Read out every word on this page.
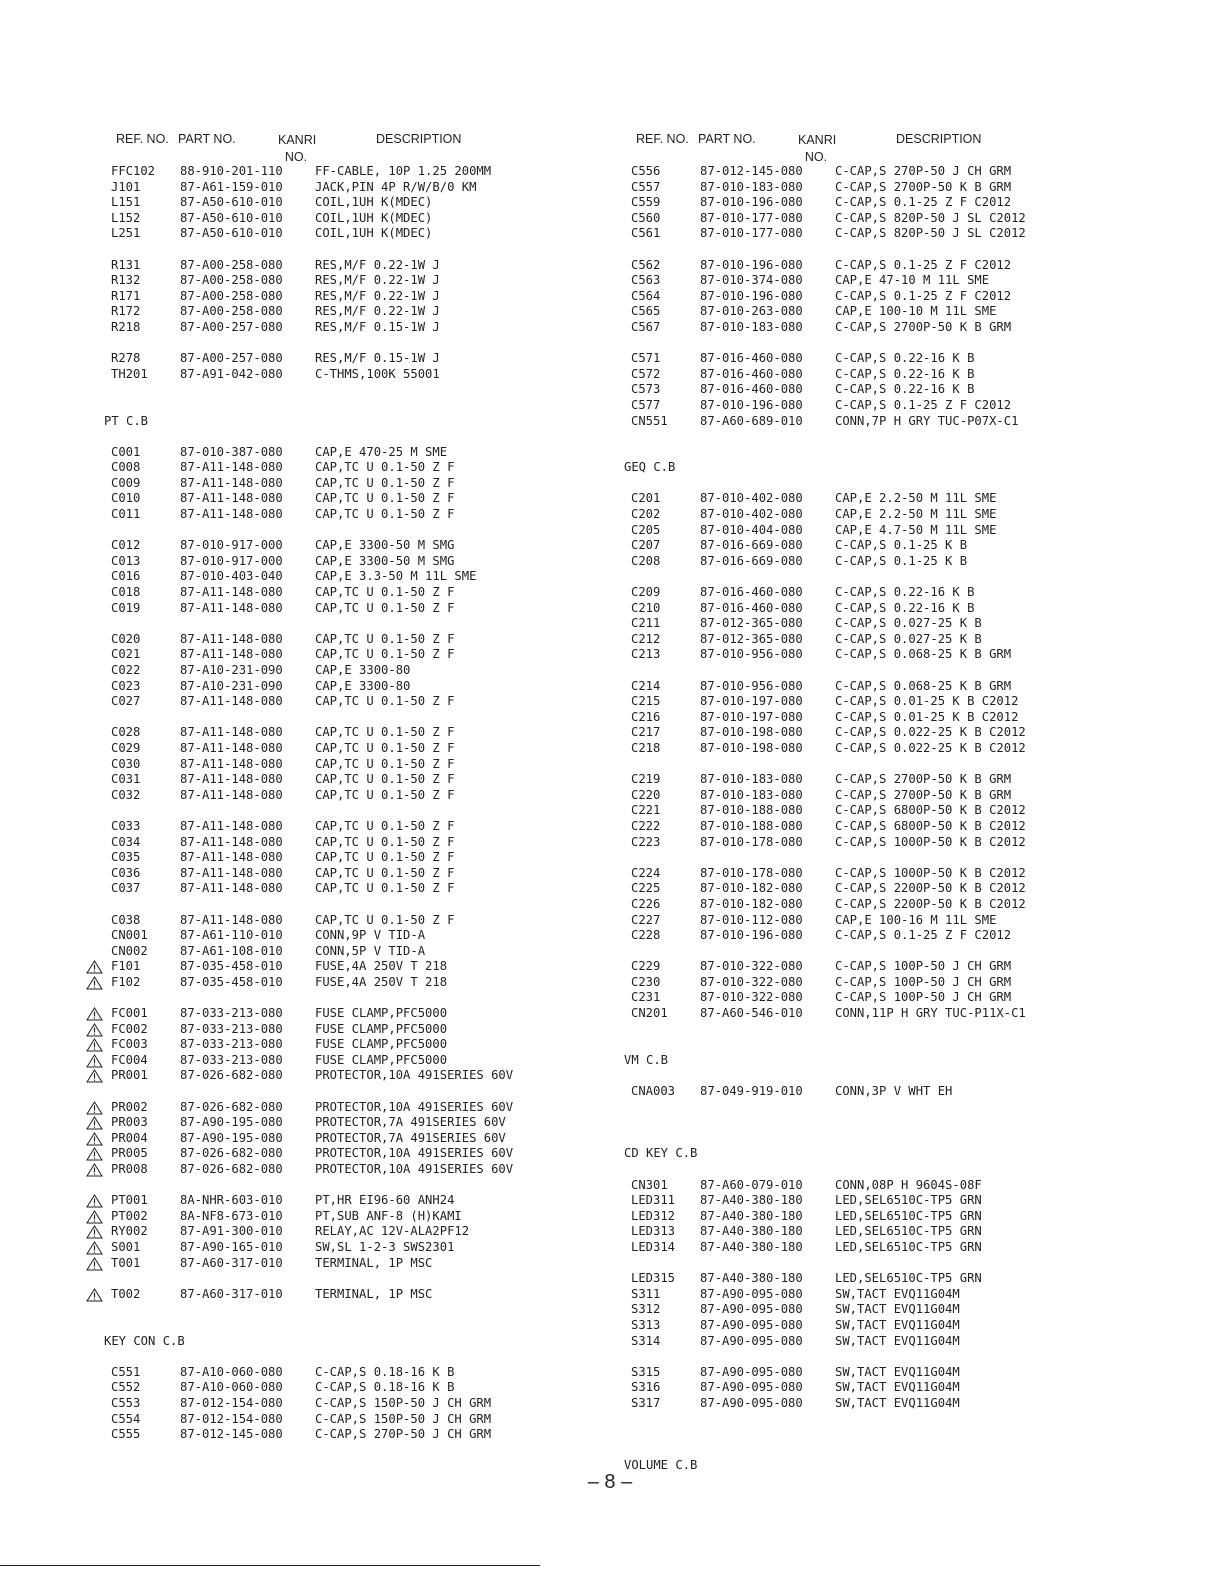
REF. NO. PART NO.	KANRI
NO.
DESCRIPTION
FFC102 88-910-201-110	FF-CABLE, 10P 1.25 200MM
J101	87-A61-159-010	JACK,PIN 4P R/W/B/0 KM
L151	87-A50-610-010	COIL,1UH K(MDEC)
L152	87-A50-610-010	COIL,1UH K(MDEC)
L251	87-A50-610-010	COIL,1UH K(MDEC)
R131	87-A00-258-080	RES,M/F 0.22-1W J
R132	87-A00-258-080	RES,M/F 0.22-1W J
R171	87-A00-258-080	RES,M/F 0.22-1W J
R172	87-A00-258-080	RES,M/F 0.22-1W J
R218	87-A00-257-080	RES,M/F 0.15-1W J
R278	87-A00-257-080	RES,M/F 0.15-1W J
TH201	87-A91-042-080	C-THMS,100K 55001
PT C.B
C001	87-010-387-080	CAP,E 470-25 M SME
C008	87-A11-148-080	CAP,TC U 0.1-50 Z F
C009	87-A11-148-080	CAP,TC U 0.1-50 Z F
C010	87-A11-148-080	CAP,TC U 0.1-50 Z F
C011	87-A11-148-080	CAP,TC U 0.1-50 Z F
C012	87-010-917-000	CAP,E 3300-50 M SMG
C013	87-010-917-000	CAP,E 3300-50 M SMG
C016	87-010-403-040	CAP,E 3.3-50 M 11L SME
C018	87-A11-148-080	CAP,TC U 0.1-50 Z F
C019	87-A11-148-080	CAP,TC U 0.1-50 Z F
C020	87-A11-148-080	CAP,TC U 0.1-50 Z F
C021	87-A11-148-080	CAP,TC U 0.1-50 Z F
C022	87-A10-231-090	CAP,E 3300-80
C023	87-A10-231-090	CAP,E 3300-80
C027	87-A11-148-080	CAP,TC U 0.1-50 Z F
C028	87-A11-148-080	CAP,TC U 0.1-50 Z F
C029	87-A11-148-080	CAP,TC U 0.1-50 Z F
C030	87-A11-148-080	CAP,TC U 0.1-50 Z F
C031	87-A11-148-080	CAP,TC U 0.1-50 Z F
C032	87-A11-148-080	CAP,TC U 0.1-50 Z F
C033	87-A11-148-080	CAP,TC U 0.1-50 Z F
C034	87-A11-148-080	CAP,TC U 0.1-50 Z F
C035	87-A11-148-080	CAP,TC U 0.1-50 Z F
C036	87-A11-148-080	CAP,TC U 0.1-50 Z F
C037	87-A11-148-080	CAP,TC U 0.1-50 Z F
C038	87-A11-148-080	CAP,TC U 0.1-50 Z F
CN001	87-A61-110-010	CONN,9P V TID-A
CN002	87-A61-108-010	CONN,5P V TID-A
F101	87-035-458-010	FUSE,4A 250V T 218
F102	87-035-458-010	FUSE,4A 250V T 218
FC001	87-033-213-080	FUSE CLAMP,PFC5000
FC002	87-033-213-080	FUSE CLAMP,PFC5000
FC003	87-033-213-080	FUSE CLAMP,PFC5000
FC004	87-033-213-080	FUSE CLAMP,PFC5000
PR001	87-026-682-080	PROTECTOR,10A 491SERIES 60V
PR002	87-026-682-080	PROTECTOR,10A 491SERIES 60V
PR003	87-A90-195-080	PROTECTOR,7A 491SERIES 60V
PR004	87-A90-195-080	PROTECTOR,7A 491SERIES 60V
PR005	87-026-682-080	PROTECTOR,10A 491SERIES 60V
PR008	87-026-682-080	PROTECTOR,10A 491SERIES 60V
PT001	8A-NHR-603-010	PT,HR EI96-60 ANH24
PT002	8A-NF8-673-010	PT,SUB ANF-8 (H)KAMI
RY002	87-A91-300-010	RELAY,AC 12V-ALA2PF12
S001	87-A90-165-010	SW,SL 1-2-3 SWS2301
T001	87-A60-317-010	TERMINAL, 1P MSC
T002	87-A60-317-010	TERMINAL, 1P MSC
KEY CON C.B
C551	87-A10-060-080	C-CAP,S 0.18-16 K B
C552	87-A10-060-080	C-CAP,S 0.18-16 K B
C553	87-012-154-080	C-CAP,S 150P-50 J CH GRM
C554	87-012-154-080	C-CAP,S 150P-50 J CH GRM
C555	87-012-145-080	C-CAP,S 270P-50 J CH GRM
REF. NO. PART NO.	KANRI
NO.
DESCRIPTION
C556	87-012-145-080	C-CAP,S 270P-50 J CH GRM
C557	87-010-183-080	C-CAP,S 2700P-50 K B GRM
C559	87-010-196-080	C-CAP,S 0.1-25 Z F C2012
C560	87-010-177-080	C-CAP,S 820P-50 J SL C2012
C561	87-010-177-080	C-CAP,S 820P-50 J SL C2012
C562	87-010-196-080	C-CAP,S 0.1-25 Z F C2012
C563	87-010-374-080	CAP,E 47-10 M 11L SME
C564	87-010-196-080	C-CAP,S 0.1-25 Z F C2012
C565	87-010-263-080	CAP,E 100-10 M 11L SME
C567	87-010-183-080	C-CAP,S 2700P-50 K B GRM
C571	87-016-460-080	C-CAP,S 0.22-16 K B
C572	87-016-460-080	C-CAP,S 0.22-16 K B
C573	87-016-460-080	C-CAP,S 0.22-16 K B
C577	87-010-196-080	C-CAP,S 0.1-25 Z F C2012
CN551	87-A60-689-010	CONN,7P H GRY TUC-P07X-C1
GEQ C.B
C201	87-010-402-080	CAP,E 2.2-50 M 11L SME
C202	87-010-402-080	CAP,E 2.2-50 M 11L SME
C205	87-010-404-080	CAP,E 4.7-50 M 11L SME
C207	87-016-669-080	C-CAP,S 0.1-25 K B
C208	87-016-669-080	C-CAP,S 0.1-25 K B
C209	87-016-460-080	C-CAP,S 0.22-16 K B
C210	87-016-460-080	C-CAP,S 0.22-16 K B
C211	87-012-365-080	C-CAP,S 0.027-25 K B
C212	87-012-365-080	C-CAP,S 0.027-25 K B
C213	87-010-956-080	C-CAP,S 0.068-25 K B GRM
C214	87-010-956-080	C-CAP,S 0.068-25 K B GRM
C215	87-010-197-080	C-CAP,S 0.01-25 K B C2012
C216	87-010-197-080	C-CAP,S 0.01-25 K B C2012
C217	87-010-198-080	C-CAP,S 0.022-25 K B C2012
C218	87-010-198-080	C-CAP,S 0.022-25 K B C2012
C219	87-010-183-080	C-CAP,S 2700P-50 K B GRM
C220	87-010-183-080	C-CAP,S 2700P-50 K B GRM
C221	87-010-188-080	C-CAP,S 6800P-50 K B C2012
C222	87-010-188-080	C-CAP,S 6800P-50 K B C2012
C223	87-010-178-080	C-CAP,S 1000P-50 K B C2012
C224	87-010-178-080	C-CAP,S 1000P-50 K B C2012
C225	87-010-182-080	C-CAP,S 2200P-50 K B C2012
C226	87-010-182-080	C-CAP,S 2200P-50 K B C2012
C227	87-010-112-080	CAP,E 100-16 M 11L SME
C228	87-010-196-080	C-CAP,S 0.1-25 Z F C2012
C229	87-010-322-080	C-CAP,S 100P-50 J CH GRM
C230	87-010-322-080	C-CAP,S 100P-50 J CH GRM
C231	87-010-322-080	C-CAP,S 100P-50 J CH GRM
CN201	87-A60-546-010	CONN,11P H GRY TUC-P11X-C1
VM C.B
CNA003 87-049-919-010	CONN,3P V WHT EH
CD KEY C.B
CN301	87-A60-079-010	CONN,08P H 9604S-08F
LED311 87-A40-380-180	LED,SEL6510C-TP5 GRN
LED312 87-A40-380-180	LED,SEL6510C-TP5 GRN
LED313 87-A40-380-180	LED,SEL6510C-TP5 GRN
LED314 87-A40-380-180	LED,SEL6510C-TP5 GRN
LED315 87-A40-380-180	LED,SEL6510C-TP5 GRN
S311	87-A90-095-080	SW,TACT EVQ11G04M
S312	87-A90-095-080	SW,TACT EVQ11G04M
S313	87-A90-095-080	SW,TACT EVQ11G04M
S314	87-A90-095-080	SW,TACT EVQ11G04M
S315	87-A90-095-080	SW,TACT EVQ11G04M
S316	87-A90-095-080	SW,TACT EVQ11G04M
S317	87-A90-095-080	SW,TACT EVQ11G04M
VOLUME C.B
– 8 –
